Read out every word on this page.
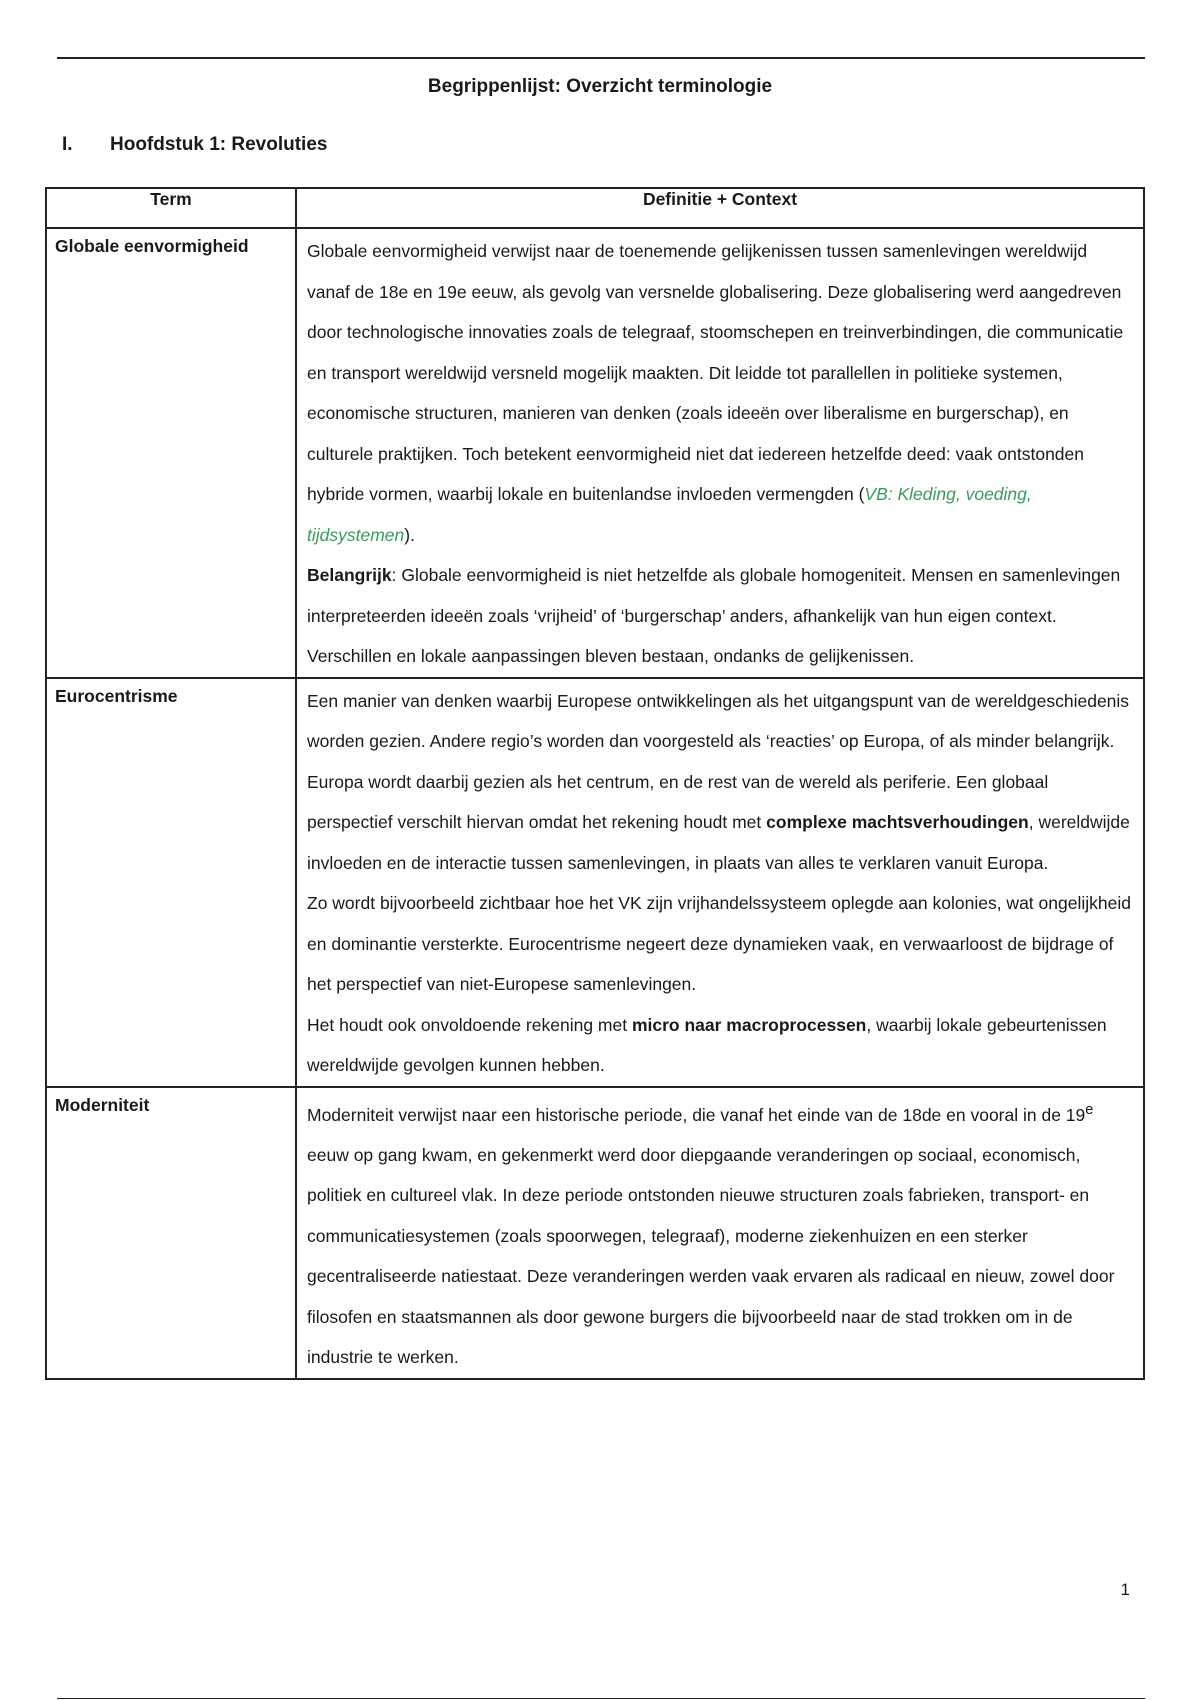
Begrippenlijst: Overzicht terminologie
I. Hoofdstuk 1: Revoluties
Term	Definitie + Context
Globale eenvormigheid	Globale eenvormigheid verwijst naar de toenemende gelijkenissen tussen samenlevingen wereldwijd vanaf de 18e en 19e eeuw, als gevolg van versnelde globalisering. Deze globalisering werd aangedreven door technologische innovaties zoals de telegraaf, stoomschepen en treinverbindingen, die communicatie en transport wereldwijd versneld mogelijk maakten. Dit leidde tot parallellen in politieke systemen, economische structuren, manieren van denken (zoals ideeën over liberalisme en burgerschap), en culturele praktijken. Toch betekent eenvormigheid niet dat iedereen hetzelfde deed: vaak ontstonden hybride vormen, waarbij lokale en buitenlandse invloeden vermengden (VB: Kleding, voeding, tijdsystemen).
Belangrijk: Globale eenvormigheid is niet hetzelfde als globale homogeniteit. Mensen en samenlevingen interpreteerden ideeën zoals ‘vrijheid’ of ‘burgerschap’ anders, afhankelijk van hun eigen context. Verschillen en lokale aanpassingen bleven bestaan, ondanks de gelijkenissen.

Eurocentrisme	Een manier van denken waarbij Europese ontwikkelingen als het uitgangspunt van de wereldgeschiedenis worden gezien. Andere regio’s worden dan voorgesteld als ‘reacties’ op Europa, of als minder belangrijk.
Europa wordt daarbij gezien als het centrum, en de rest van de wereld als periferie. Een globaal perspectief verschilt hiervan omdat het rekening houdt met complexe machtsverhoudingen, wereldwijde invloeden en de interactie tussen samenlevingen, in plaats van alles te verklaren vanuit Europa.
Zo wordt bijvoorbeeld zichtbaar hoe het VK zijn vrijhandelssysteem oplegde aan kolonies, wat ongelijkheid en dominantie versterkte. Eurocentrisme negeert deze dynamieken vaak, en verwaarloost de bijdrage of het perspectief van niet-Europese samenlevingen.
Het houdt ook onvoldoende rekening met micro naar macroprocessen, waarbij lokale gebeurtenissen wereldwijde gevolgen kunnen hebben.

Moderniteit	Moderniteit verwijst naar een historische periode, die vanaf het einde van de 18de en vooral in de 19e eeuw op gang kwam, en gekenmerkt werd door diepgaande veranderingen op sociaal, economisch, politiek en cultureel vlak. In deze periode ontstonden nieuwe structuren zoals fabrieken, transport- en communicatiesystemen (zoals spoorwegen, telegraaf), moderne ziekenhuizen en een sterker gecentraliseerde natiestaat. Deze veranderingen werden vaak ervaren als radicaal en nieuw, zowel door filosofen en staatsmannen als door gewone burgers die bijvoorbeeld naar de stad trokken om in de industrie te werken.
1
